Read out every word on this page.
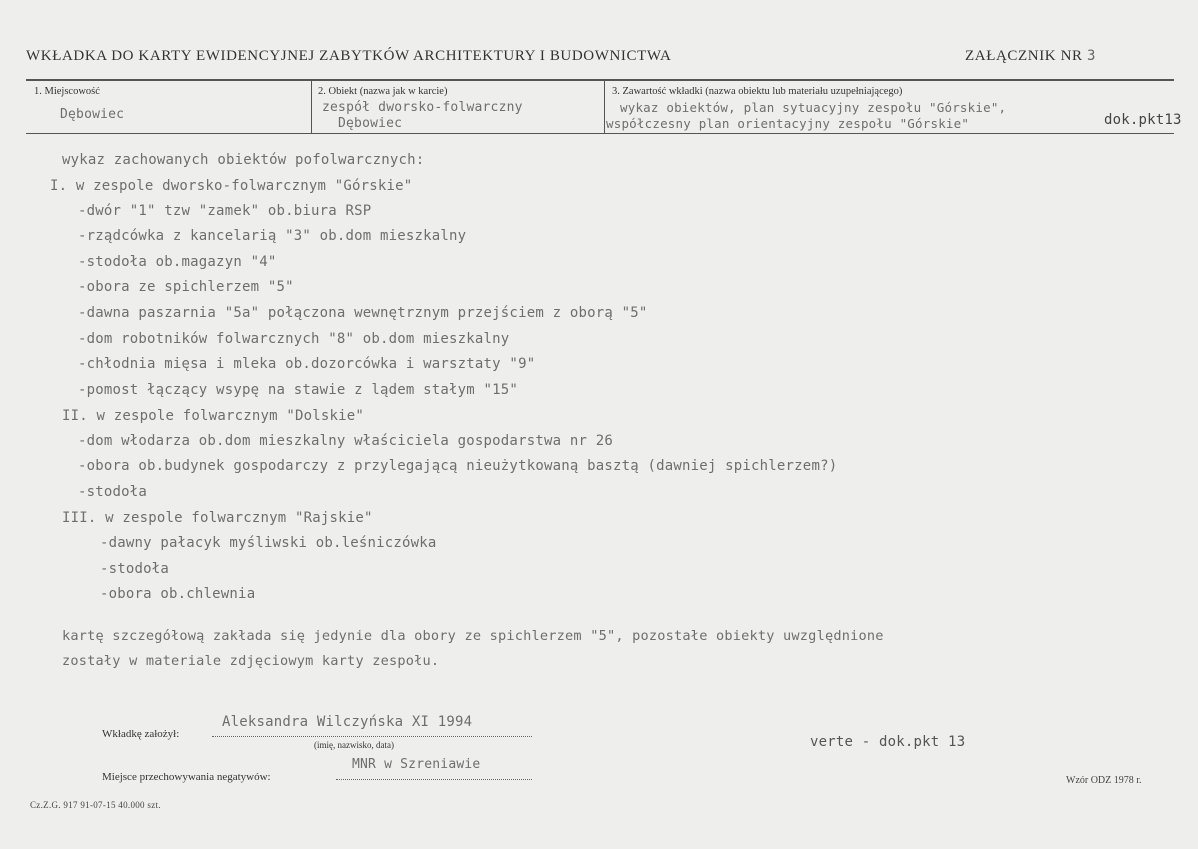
WKŁADKA DO KARTY EWIDENCYJNEJ ZABYTKÓW ARCHITEKTURY I BUDOWNICTWA	ZAŁĄCZNIK NR 3
1. Miejscowość
Dębowiec
2. Obiekt (nazwa jak w karcie)
zespół dworsko-folwarczny
Dębowiec
3. Zawartość wkładki (nazwa obiektu lub materiału uzupełniającego)
wykaz obiektów, plan sytuacyjny zespołu "Górskie",
współczesny plan orientacyjny zespołu "Górskie"	dok.pkt13
wykaz zachowanych obiektów pofolwarcznych:
I. w zespole dworsko-folwarcznym "Górskie"
-dwór "1" tzw "zamek" ob.biura RSP
-rządcówka z kancelarią "3" ob.dom mieszkalny
-stodoła ob.magazyn "4"
-obora ze spichlerzem "5"
-dawna paszarnia "5a" połączona wewnętrznym przejściem z oborą "5"
-dom robotników folwarcznych "8" ob.dom mieszkalny
-chłodnia mięsa i mleka ob.dozorcówka i warsztaty "9"
-pomost łączący wsypę na stawie z lądem stałym "15"
II. w zespole folwarcznym "Dolskie"
-dom włodarza ob.dom mieszkalny właściciela gospodarstwa nr 26
-obora ob.budynek gospodarczy z przylegającą nieużytkowaną basztą (dawniej spichlerzem?)
-stodoła
III. w zespole folwarcznym "Rajskie"
-dawny pałacyk myśliwski ob.leśniczówka
-stodoła
-obora ob.chlewnia
kartę szczegółową zakłada się jedynie dla obory ze spichlerzem "5", pozostałe obiekty uwzględnione
zostały w materiale zdjęciowym karty zespołu.
Wkładkę założył:
Aleksandra Wilczyńska XI 1994
(imię, nazwisko, data)
Miejsce przechowywania negatywów:
MNR w Szreniawie
verte - dok.pkt 13
Wzór ODZ 1978 r.
Cz.Z.G. 917 91-07-15 40.000 szt.
